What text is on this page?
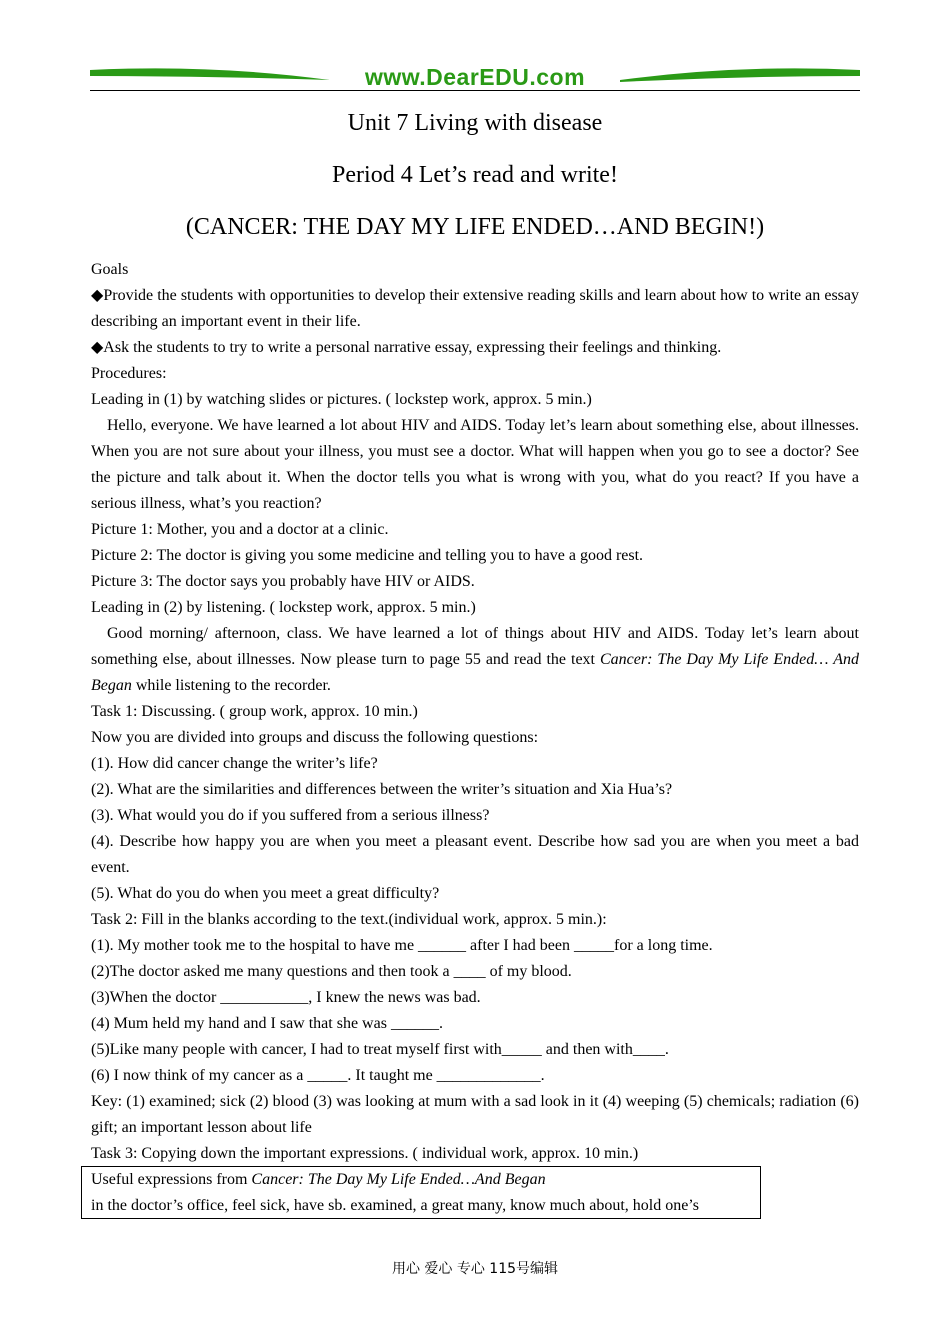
www.DearEDU.com
Unit 7 Living with disease
Period 4 Let’s read and write!
(CANCER: THE DAY MY LIFE ENDED…AND BEGIN!)

Goals

◆Provide the students with opportunities to develop their extensive reading skills and learn about how to write an essay describing an important event in their life.

◆Ask the students to try to write a personal narrative essay, expressing their feelings and thinking.

Procedures:

Leading in (1) by watching slides or pictures. ( lockstep work, approx. 5 min.)

Hello, everyone. We have learned a lot about HIV and AIDS. Today let’s learn about something else, about illnesses. When you are not sure about your illness, you must see a doctor. What will happen when you go to see a doctor? See the picture and talk about it. When the doctor tells you what is wrong with you, what do you react? If you have a serious illness, what’s you reaction?

Picture 1: Mother, you and a doctor at a clinic.

Picture 2: The doctor is giving you some medicine and telling you to have a good rest.

Picture 3: The doctor says you probably have HIV or AIDS.

Leading in (2) by listening. ( lockstep work, approx. 5 min.)

Good morning/ afternoon, class. We have learned a lot of things about HIV and AIDS. Today let’s learn about something else, about illnesses. Now please turn to page 55 and read the text Cancer: The Day My Life Ended… And Began while listening to the recorder.

Task 1: Discussing. ( group work, approx. 10 min.)

Now you are divided into groups and discuss the following questions:

(1). How did cancer change the writer’s life?

(2). What are the similarities and differences between the writer’s situation and Xia Hua’s?

(3). What would you do if you suffered from a serious illness?

(4). Describe how happy you are when you meet a pleasant event. Describe how sad you are when you meet a bad event.

(5). What do you do when you meet a great difficulty?

Task 2: Fill in the blanks according to the text.(individual work, approx. 5 min.):

(1). My mother took me to the hospital to have me ______ after I had been _____for a long time.

(2)The doctor asked me many questions and then took a ____ of my blood.

(3)When the doctor ___________, I knew the news was bad.

(4) Mum held my hand and I saw that she was ______.

(5)Like many people with cancer, I had to treat myself first with_____ and then with____.

(6) I now think of my cancer as a _____. It taught me _____________.

Key: (1) examined; sick (2) blood (3) was looking at mum with a sad look in it (4) weeping (5) chemicals; radiation (6) gift; an important lesson about life

Task 3: Copying down the important expressions. ( individual work, approx. 10 min.)

Useful expressions from Cancer: The Day My Life Ended…And Began

in the doctor’s office, feel sick, have sb. examined, a great many, know much about, hold one’s

用心 爱心 专心 115号编辑
